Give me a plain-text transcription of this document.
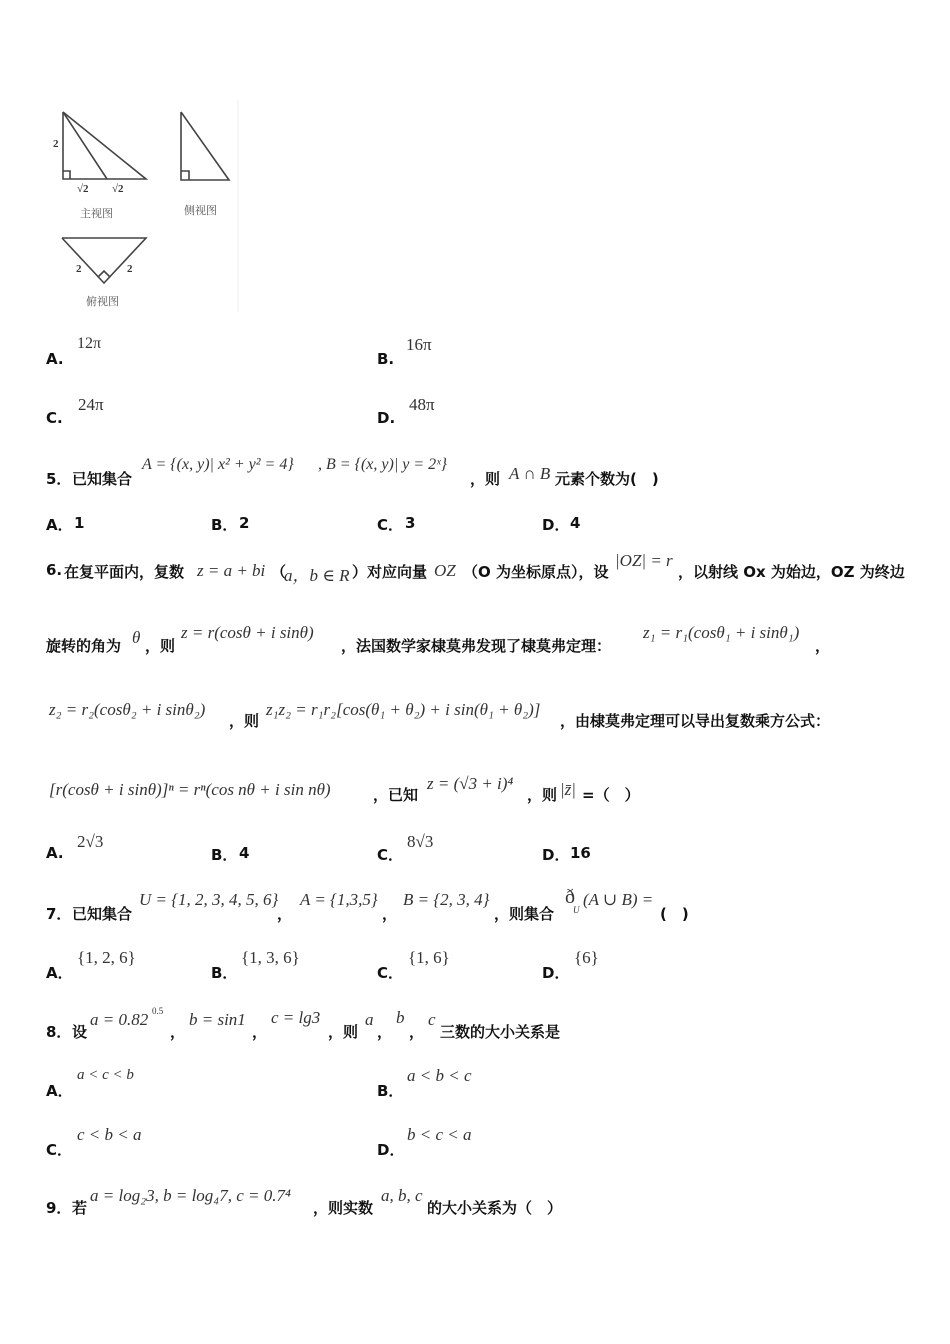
2
√2 √2
主视图	侧视图
2	2
俯视图
A.
12π
B.
16π
C.
24π
D.
48π
5． 已知集合
A = {(x, y)| x² + y² = 4} , B = {(x, y)| y = 2ˣ}
，则 A ∩ B 元素个数为(　)
A． 1	B． 2	C． 3	D． 4
6. 在复平面内，复数 z = a + bi （
a，b ∈ R ）对应向量 OZ （O 为坐标原点），设
|OZ| = r
，以射线 Ox 为始边，OZ 为终边
旋转的角为 θ ，则
z = r(cosθ + i sinθ)
，法国数学家棣莫弗发现了棣莫弗定理：
z₁ = r₁(cosθ₁ + i sinθ₁)
，
z₂ = r₂(cosθ₂ + i sinθ₂)
，则
z₁z₂ = r₁r₂[cos(θ₁ + θ₂) + i sin(θ₁ + θ₂)]
，由棣莫弗定理可以导出复数乘方公式：
[r(cosθ + i sinθ)]ⁿ = rⁿ(cos nθ + i sin nθ)	，已知
z = (√3 + i)⁴
，则 |z̄| =（　）
A.
2√3
B． 4	C．
8√3
D． 16
7． 已知集合
U = {1, 2, 3, 4, 5, 6}
，
A = {1,3,5}
，
B = {2, 3, 4}
，则集合
ð
U
(A ∪ B) =
(　)
A．
{1, 2, 6}
B．
{1, 3, 6}
C．
{1, 6}
D．
{6}
8． 设
a = 0.82 0.5
，
b = sin1
，
c = lg3
，则
a
，
b
，
c
三数的大小关系是
A．
a < c < b
B．
a < b < c
C．
c < b < a
D．
b < c < a
9． 若
a = log₂3, b = log₄7, c = 0.7⁴
，则实数
a, b, c
的大小关系为（　）
